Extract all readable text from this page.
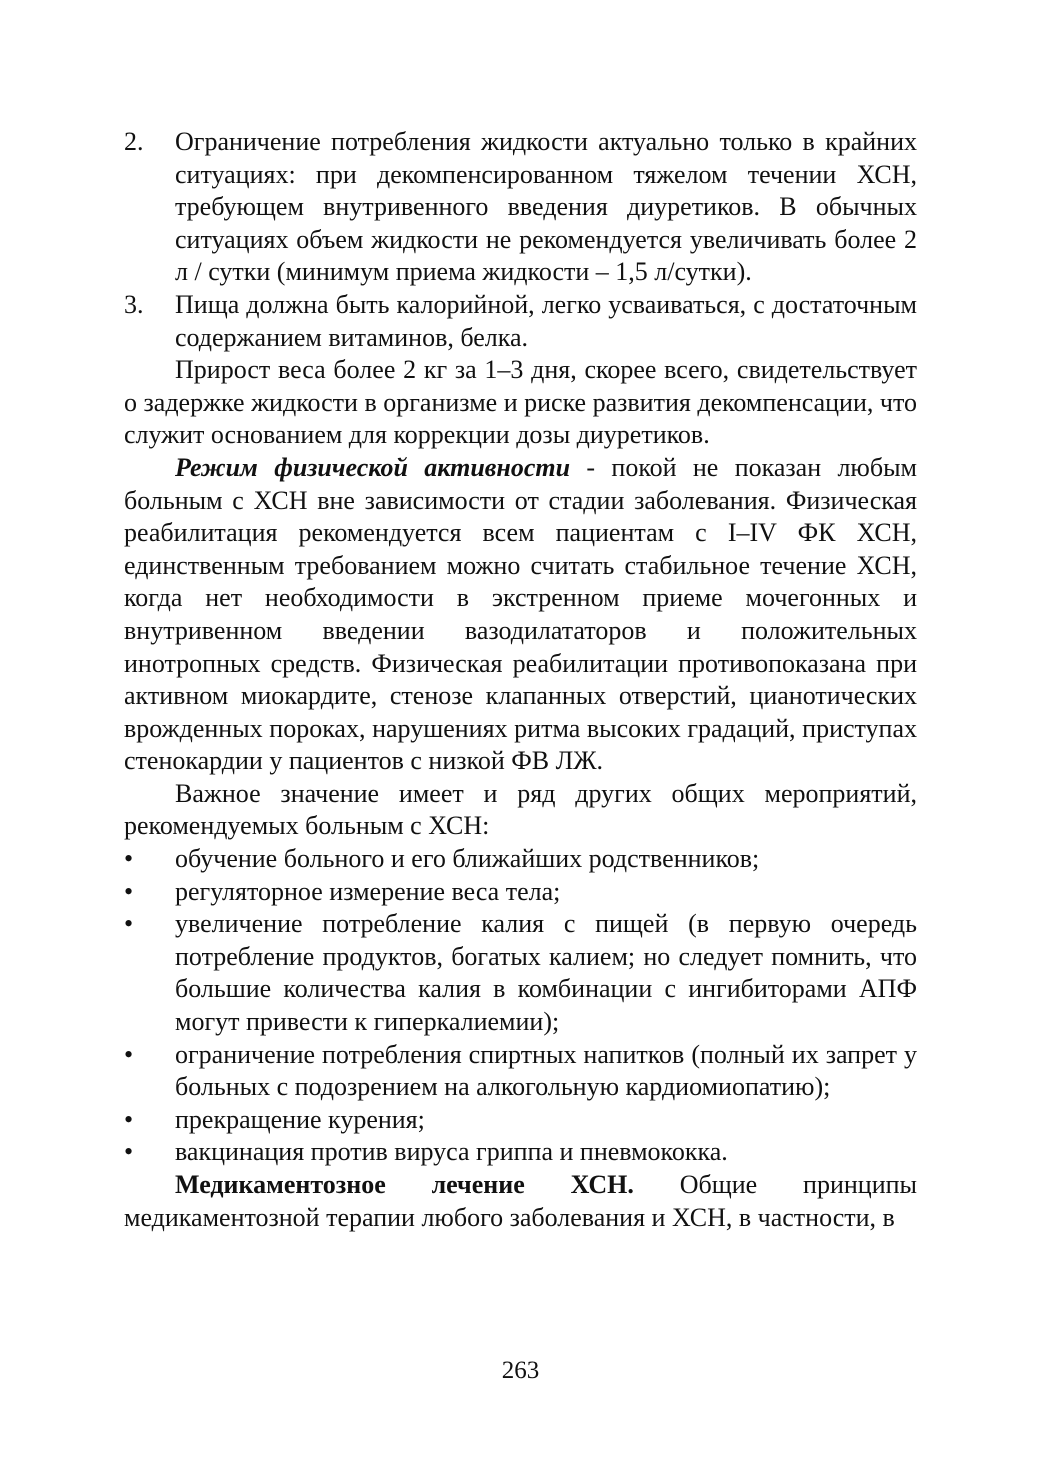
2. Ограничение потребления жидкости актуально только в крайних ситуациях: при декомпенсированном тяжелом течении ХСН, требующем внутривенного введения диуретиков. В обычных ситуациях объем жидкости не рекомендуется увеличивать более 2 л / сутки (минимум приема жидкости – 1,5 л/сутки).
3. Пища должна быть калорийной, легко усваиваться, с достаточным содержанием витаминов, белка.

Прирост веса более 2 кг за 1–3 дня, скорее всего, свидетельствует о задержке жидкости в организме и риске развития декомпенсации, что служит основанием для коррекции дозы диуретиков.

Режим физической активности - покой не показан любым больным с ХСН вне зависимости от стадии заболевания. Физическая реабилитация рекомендуется всем пациентам с I–IV ФК ХСН, единственным требованием можно считать стабильное течение ХСН, когда нет необходимости в экстренном приеме мочегонных и внутривенном введении вазодилататоров и положительных инотропных средств. Физическая реабилитации противопоказана при активном миокардите, стенозе клапанных отверстий, цианотических врожденных пороках, нарушениях ритма высоких градаций, приступах стенокардии у пациентов с низкой ФВ ЛЖ.

Важное значение имеет и ряд других общих мероприятий, рекомендуемых больным с ХСН:

• обучение больного и его ближайших родственников;
• регуляторное измерение веса тела;
• увеличение потребление калия с пищей (в первую очередь потребление продуктов, богатых калием; но следует помнить, что большие количества калия в комбинации с ингибиторами АПФ могут привести к гиперкалиемии);
• ограничение потребления спиртных напитков (полный их запрет у больных с подозрением на алкогольную кардиомиопатию);
• прекращение курения;
• вакцинация против вируса гриппа и пневмококка.

Медикаментозное лечение ХСН. Общие принципы медикаментозной терапии любого заболевания и ХСН, в частности, в

263
